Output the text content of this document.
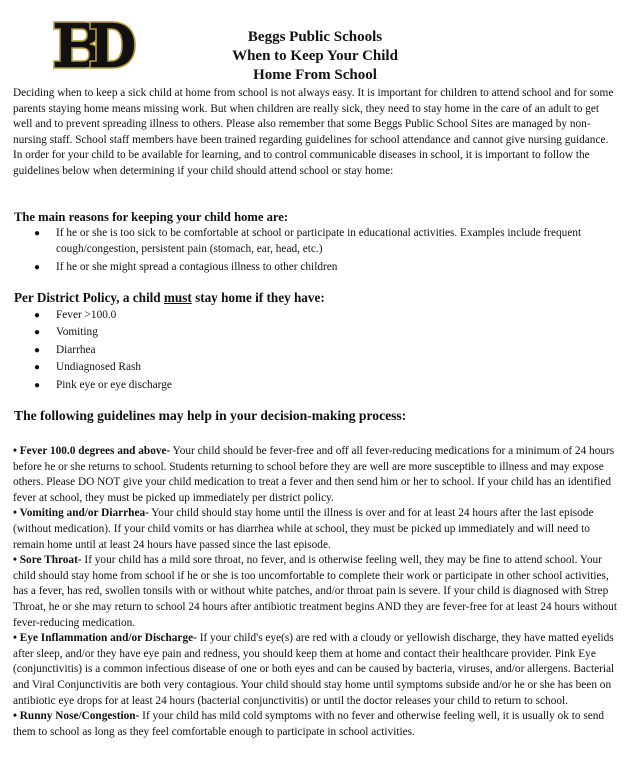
Beggs Public Schools
When to Keep Your Child
Home From School
Deciding when to keep a sick child at home from school is not always easy. It is important for children to attend school and for some parents staying home means missing work. But when children are really sick, they need to stay home in the care of an adult to get well and to prevent spreading illness to others. Please also remember that some Beggs Public School Sites are managed by non-nursing staff. School staff members have been trained regarding guidelines for school attendance and cannot give nursing guidance. In order for your child to be available for learning, and to control communicable diseases in school, it is important to follow the guidelines below when determining if your child should attend school or stay home:
The main reasons for keeping your child home are:
● If he or she is too sick to be comfortable at school or participate in educational activities. Examples include frequent cough/congestion, persistent pain (stomach, ear, head, etc.)
● If he or she might spread a contagious illness to other children
Per District Policy, a child must stay home if they have:
● Fever >100.0
● Vomiting
● Diarrhea
● Undiagnosed Rash
● Pink eye or eye discharge
The following guidelines may help in your decision-making process:

• Fever 100.0 degrees and above- Your child should be fever-free and off all fever-reducing medications for a minimum of 24 hours before he or she returns to school. Students returning to school before they are well are more susceptible to illness and may expose others. Please DO NOT give your child medication to treat a fever and then send him or her to school. If your child has an identified fever at school, they must be picked up immediately per district policy.

• Vomiting and/or Diarrhea- Your child should stay home until the illness is over and for at least 24 hours after the last episode (without medication). If your child vomits or has diarrhea while at school, they must be picked up immediately and will need to remain home until at least 24 hours have passed since the last episode.

• Sore Throat- If your child has a mild sore throat, no fever, and is otherwise feeling well, they may be fine to attend school. Your child should stay home from school if he or she is too uncomfortable to complete their work or participate in other school activities, has a fever, has red, swollen tonsils with or without white patches, and/or throat pain is severe. If your child is diagnosed with Strep Throat, he or she may return to school 24 hours after antibiotic treatment begins AND they are fever-free for at least 24 hours without fever-reducing medication.

• Eye Inflammation and/or Discharge- If your child's eye(s) are red with a cloudy or yellowish discharge, they have matted eyelids after sleep, and/or they have eye pain and redness, you should keep them at home and contact their healthcare provider. Pink Eye (conjunctivitis) is a common infectious disease of one or both eyes and can be caused by bacteria, viruses, and/or allergens. Bacterial and Viral Conjunctivitis are both very contagious. Your child should stay home until symptoms subside and/or he or she has been on antibiotic eye drops for at least 24 hours (bacterial conjunctivitis) or until the doctor releases your child to return to school.

• Runny Nose/Congestion- If your child has mild cold symptoms with no fever and otherwise feeling well, it is usually ok to send them to school as long as they feel comfortable enough to participate in school activities.
